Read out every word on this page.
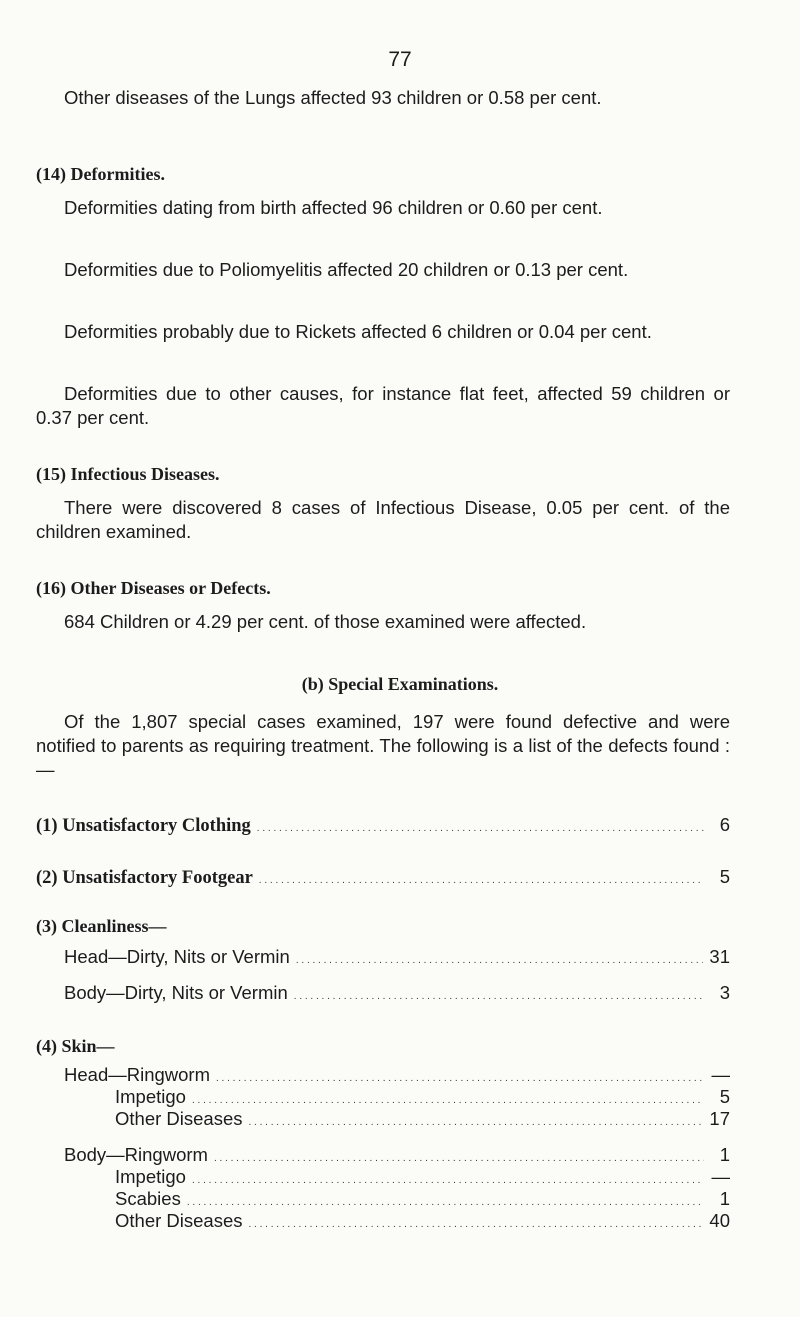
77
Other diseases of the Lungs affected 93 children or 0.58 per cent.
(14) Deformities.
Deformities dating from birth affected 96 children or 0.60 per cent.
Deformities due to Poliomyelitis affected 20 children or 0.13 per cent.
Deformities probably due to Rickets affected 6 children or 0.04 per cent.
Deformities due to other causes, for instance flat feet, affected 59 children or 0.37 per cent.
(15) Infectious Diseases.
There were discovered 8 cases of Infectious Disease, 0.05 per cent. of the children examined.
(16) Other Diseases or Defects.
684 Children or 4.29 per cent. of those examined were affected.
(b) Special Examinations.
Of the 1,807 special cases examined, 197 were found defective and were notified to parents as requiring treatment. The following is a list of the defects found :—
(1) Unsatisfactory Clothing . . .	6
(2) Unsatisfactory Footgear . . .	5
(3) Cleanliness—
Head—Dirty, Nits or Vermin . . .	31
Body—Dirty, Nits or Vermin . . .	3
(4) Skin—
Head—Ringworm . . .	—
Impetigo . . .	5
Other Diseases . . .	17
Body—Ringworm . . .	1
Impetigo . . .	—
Scabies . . .	1
Other Diseases . . .	40
